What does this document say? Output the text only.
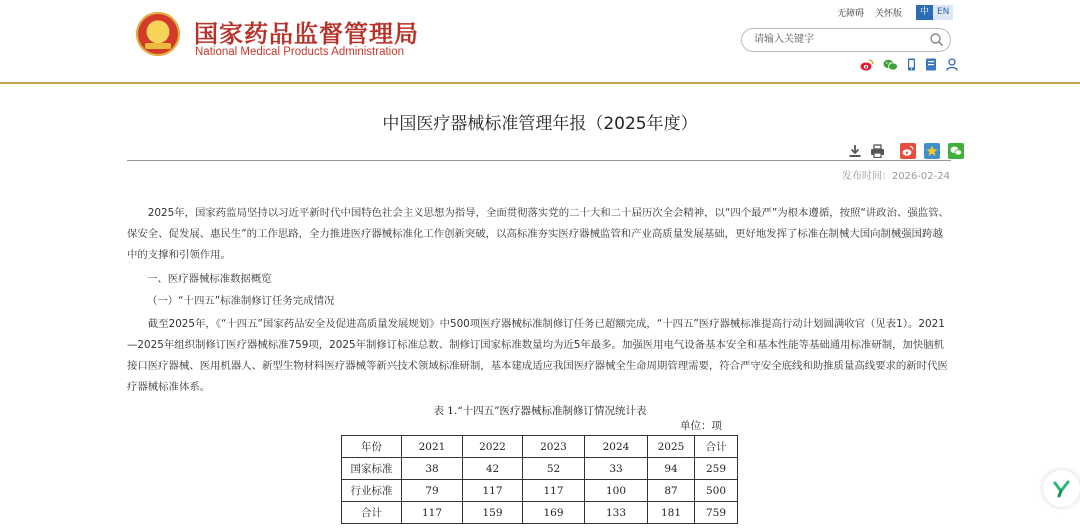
★	国家药品监督管理局
National Medical Products Administration
无障碍 关怀版	中 EN
请输入关键字

中国医疗器械标准管理年报（2025年度）

发布时间：2026-02-24

2025年，国家药监局坚持以习近平新时代中国特色社会主义思想为指导，全面贯彻落实党的二十大和二十届历次全会精神，以“四个最严”为根本遵循，按照“讲政治、强监管、保安全、促发展、惠民生”的工作思路，全力推进医疗器械标准化工作创新突破，以高标准夯实医疗器械监管和产业高质量发展基础，更好地发挥了标准在制械大国向制械强国跨越中的支撑和引领作用。

一、医疗器械标准数据概览

（一）“十四五”标准制修订任务完成情况

截至2025年，《“十四五”国家药品安全及促进高质量发展规划》中500项医疗器械标准制修订任务已超额完成，“十四五”医疗器械标准提高行动计划圆满收官（见表1）。2021—2025年组织制修订医疗器械标准759项，2025年制修订标准总数、制修订国家标准数量均为近5年最多。加强医用电气设备基本安全和基本性能等基础通用标准研制，加快脑机接口医疗器械、医用机器人、新型生物材料医疗器械等新兴技术领域标准研制，基本建成适应我国医疗器械全生命周期管理需要，符合严守安全底线和助推质量高线要求的新时代医疗器械标准体系。

表 1.“十四五”医疗器械标准制修订情况统计表
单位：项
年份	2021	2022	2023	2024	2025	合计
国家标准	38	42	52	33	94	259
行业标准	79	117	117	100	87	500
合计	117	159	169	133	181	759
